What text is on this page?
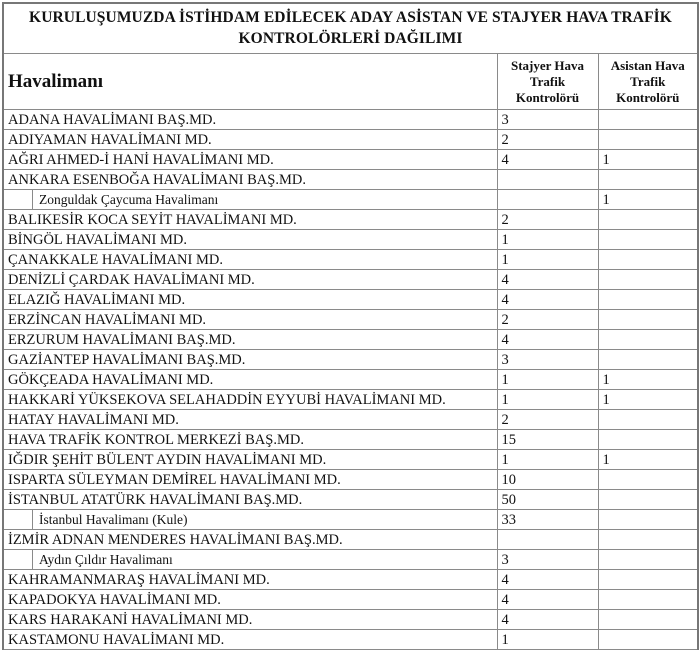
KURULUŞUMUZDA İSTİHDAM EDİLECEK ADAY ASİSTAN VE STAJYER HAVA TRAFİK KONTROLÖRLERİ DAĞILIMI		
Havalimanı	Stajyer Hava Trafik Kontrolörü	Asistan Hava Trafik Kontrolörü
ADANA HAVALİMANI BAŞ.MD.	3	
ADIYAMAN HAVALİMANI MD.	2	
AĞRI AHMED-İ HANİ HAVALİMANI MD.	4	1
ANKARA ESENBOĞA HAVALİMANI BAŞ.MD.		

Zonguldak Çaycuma Havalimanı		1
BALIKESİR KOCA SEYİT HAVALİMANI MD.	2	
BİNGÖL HAVALİMANI MD.	1	
ÇANAKKALE HAVALİMANI MD.	1	
DENİZLİ ÇARDAK HAVALİMANI MD.	4	
ELAZIĞ HAVALİMANI MD.	4	
ERZİNCAN HAVALİMANI MD.	2	
ERZURUM HAVALİMANI BAŞ.MD.	4	
GAZİANTEP HAVALİMANI BAŞ.MD.	3	
GÖKÇEADA HAVALİMANI MD.	1	1
HAKKARİ YÜKSEKOVA SELAHADDİN EYYUBİ HAVALİMANI MD.	1	1
HATAY HAVALİMANI MD.	2	
HAVA TRAFİK KONTROL MERKEZİ BAŞ.MD.	15	
IĞDIR ŞEHİT BÜLENT AYDIN HAVALİMANI MD.	1	1
ISPARTA SÜLEYMAN DEMİREL HAVALİMANI MD.	10	
İSTANBUL ATATÜRK HAVALİMANI BAŞ.MD.	50	

İstanbul Havalimanı (Kule)	33	
İZMİR ADNAN MENDERES HAVALİMANI BAŞ.MD.		

Aydın Çıldır Havalimanı	3	
KAHRAMANMARAŞ HAVALİMANI MD.	4	
KAPADOKYA HAVALİMANI MD.	4	
KARS HARAKANİ HAVALİMANI MD.	4	
KASTAMONU HAVALİMANI MD.	1	
